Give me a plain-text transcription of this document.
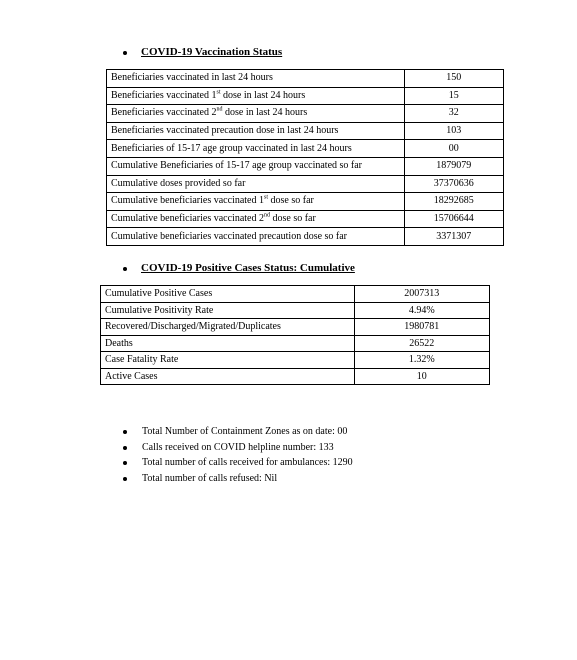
COVID-19 Vaccination Status
Beneficiaries vaccinated in last 24 hours	150
Beneficiaries vaccinated 1st dose in last 24 hours	15
Beneficiaries vaccinated 2nd dose in last 24 hours	32
Beneficiaries vaccinated precaution dose in last 24 hours	103
Beneficiaries of 15-17 age group vaccinated in last 24 hours	00
Cumulative Beneficiaries of 15-17 age group vaccinated so far	1879079
Cumulative doses provided so far	37370636
Cumulative beneficiaries vaccinated 1st dose so far	18292685
Cumulative beneficiaries vaccinated 2nd dose so far	15706644
Cumulative beneficiaries vaccinated precaution dose so far	3371307
COVID-19 Positive Cases Status: Cumulative
Cumulative Positive Cases	2007313
Cumulative Positivity Rate	4.94%
Recovered/Discharged/Migrated/Duplicates	1980781
Deaths	26522
Case Fatality Rate	1.32%
Active Cases	10
Total Number of Containment Zones as on date: 00
Calls received on COVID helpline number: 133
Total number of calls received for ambulances: 1290
Total number of calls refused: Nil
